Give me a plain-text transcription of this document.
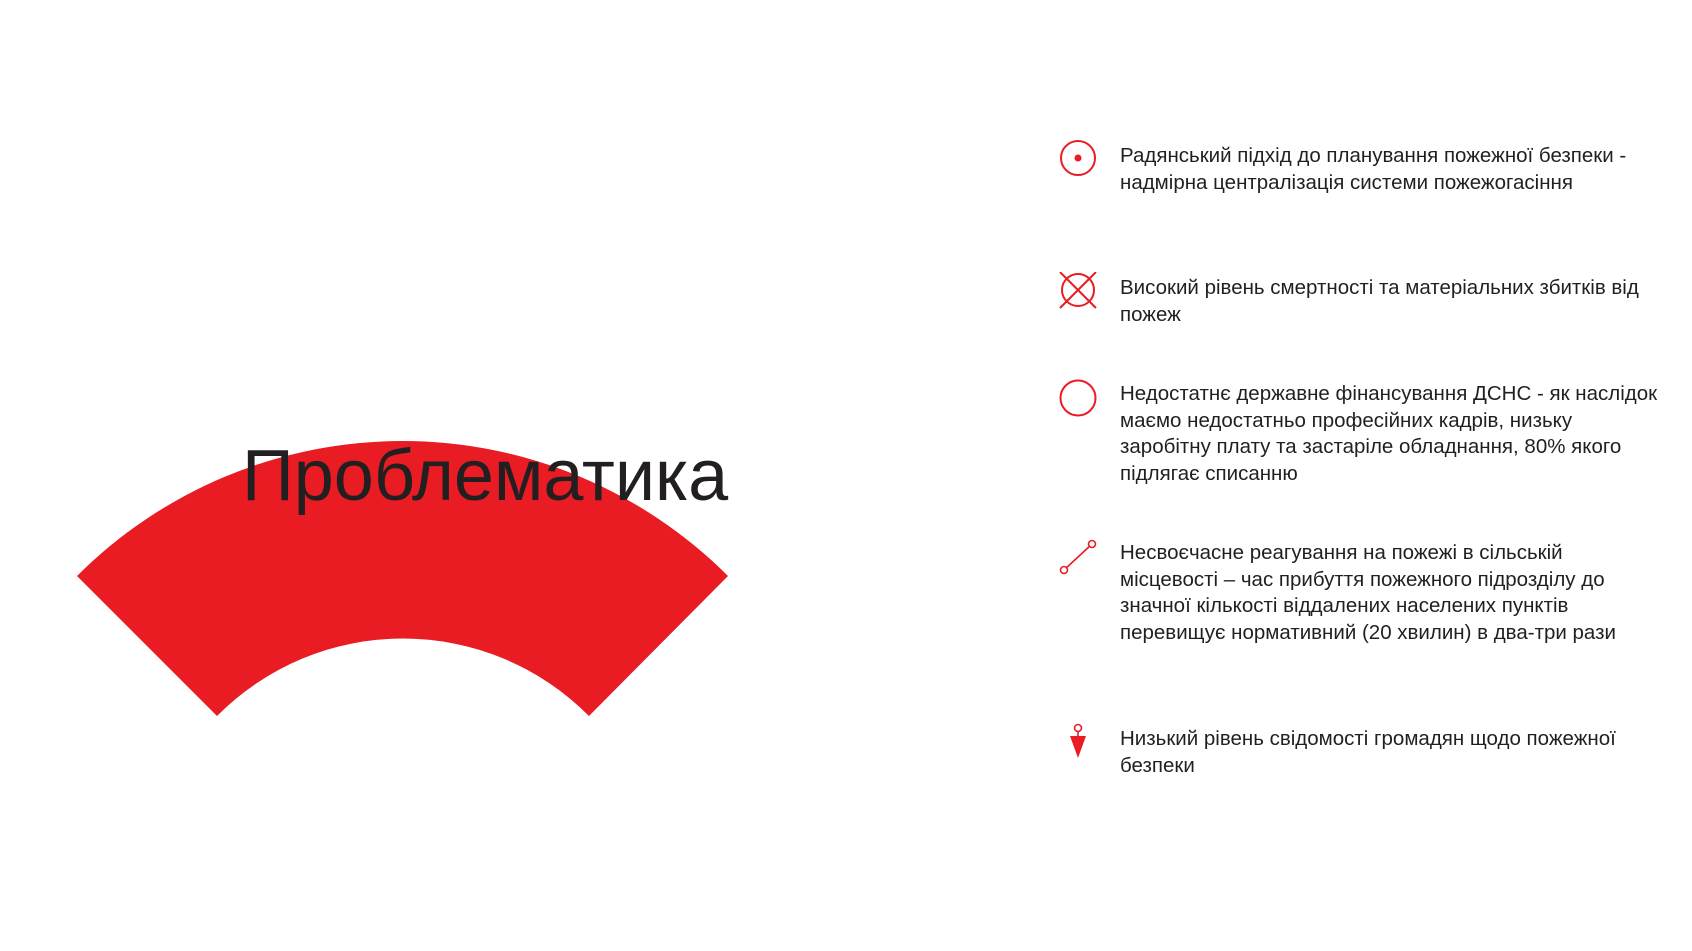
Проблематика
Радянський підхід до планування пожежної безпеки - надмірна централізація системи пожежогасіння
Високий рівень смертності та матеріальних збитків від пожеж
Недостатнє державне фінансування ДСНС - як наслідок маємо недостатньо професійних кадрів, низьку заробітну плату та застаріле обладнання, 80% якого підлягає списанню
Несвоєчасне реагування на пожежі в сільській місцевості – час прибуття пожежного підрозділу до значної кількості віддалених населених пунктів перевищує нормативний (20 хвилин) в два-три рази
Низький рівень свідомості громадян щодо пожежної безпеки
